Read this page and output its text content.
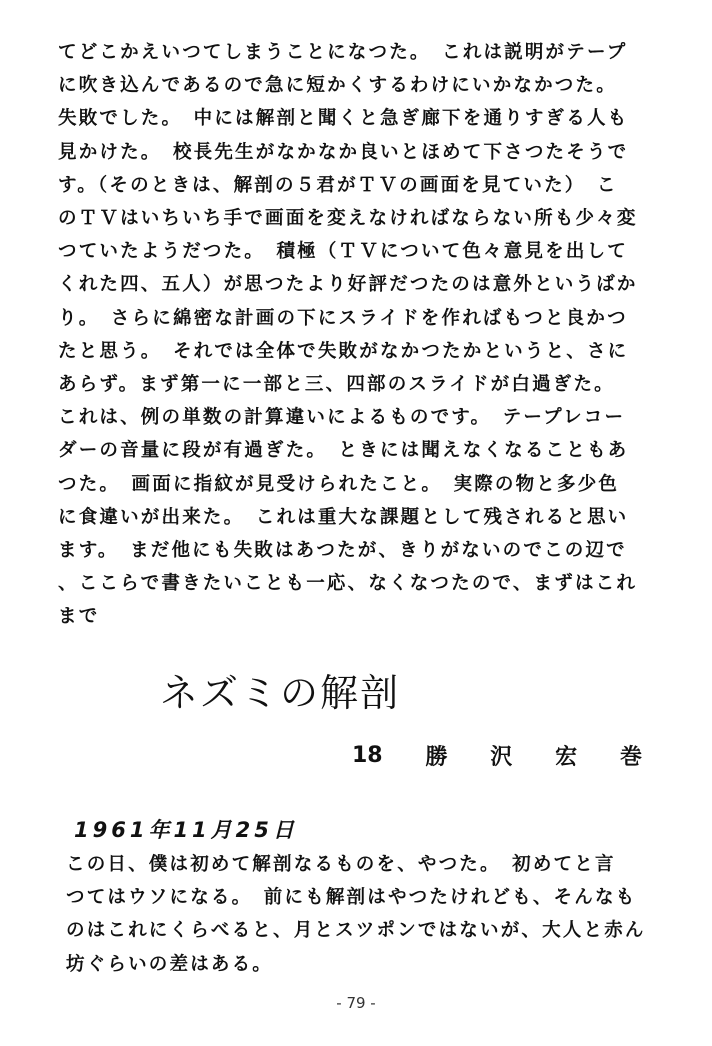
てどこかえいつてしまうことになつた。　これは説明がテープ
に吹き込んであるので急に短かくするわけにいかなかつた。
失敗でした。　中には解剖と聞くと急ぎ廊下を通りすぎる人も
見かけた。　校長先生がなかなか良いとほめて下さつたそうで
す。（そのときは、解剖の５君がＴＶの画面を見ていた）　こ
のＴＶはいちいち手で画面を変えなければならない所も少々変
つていたようだつた。　積極（ＴＶについて色々意見を出して
くれた四、五人）が思つたより好評だつたのは意外というばか
り。　さらに綿密な計画の下にスライドを作ればもつと良かつ
たと思う。　それでは全体で失敗がなかつたかというと、さに
あらず。まず第一に一部と三、四部のスライドが白過ぎた。
これは、例の単数の計算違いによるものです。　テープレコー
ダーの音量に段が有過ぎた。　ときには聞えなくなることもあ
つた。　画面に指紋が見受けられたこと。　実際の物と多少色
に食違いが出来た。　これは重大な課題として残されると思い
ます。　まだ他にも失敗はあつたが、きりがないのでこの辺で
、ここらで書きたいことも一応、なくなつたので、まずはこれ
まで
ネズミの解剖
18 勝 沢 宏 巻
1961年11月25日
この日、僕は初めて解剖なるものを、やつた。　初めてと言
つてはウソになる。　前にも解剖はやつたけれども、そんなも
のはこれにくらべると、月とスツポンではないが、大人と赤ん
坊ぐらいの差はある。
- 79 -
